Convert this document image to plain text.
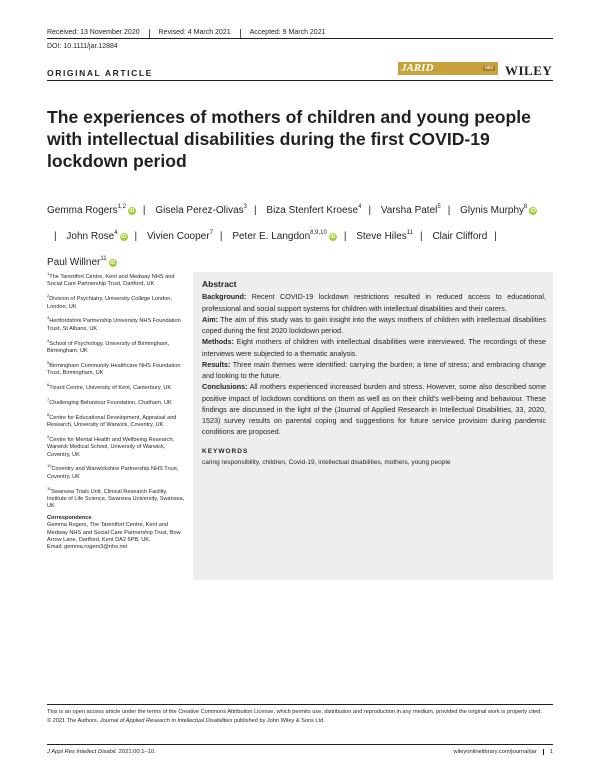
Received: 13 November 2020	Revised: 4 March 2021	Accepted: 9 March 2021
DOI: 10.1111/jar.12884
ORIGINAL ARTICLE	JARID	bild WILEY
The experiences of mothers of children and young people with intellectual disabilities during the first COVID-19 lockdown period
Gemma Rogers$^{1,2}$iD | Gisela Perez-Olivas$^3$ | Biza Stenfert Kroese$^4$ | Varsha Patel$^5$ | Glynis Murphy$^6$iD| John Rose$^4$iD | Vivien Cooper$^7$ | Peter E. Langdon$^{8,9,10}$iD | Steve Hiles$^{11}$ | Clair Clifford | Paul Willner$^{11}$iD
$^1$The Tarentfort Centre, Kent and Medway NHS and Social Care Partnership Trust, Dartford, UK
$^2$Division of Psychiatry, University College London, London, UK
$^3$Hertfordshire Partnership University NHS Foundation Trust, St Albans, UK
$^4$School of Psychology, University of Birmingham, Birmingham, UK
$^5$Birmingham Community Healthcare NHS Foundation Trust, Birmingham, UK
$^6$Tizard Centre, University of Kent, Canterbury, UK
$^7$Challenging Behaviour Foundation, Chatham, UK
$^8$Centre for Educational Development, Appraisal and Research, University of Warwick, Coventry, UK
$^9$Centre for Mental Health and Wellbeing Research, Warwick Medical School, University of Warwick, Coventry, UK
$^{10}$Coventry and Warwickshire Partnership NHS Trust, Coventry, UK
$^{11}$Swansea Trials Unit, Clinical Research Facility, Institute of Life Science, Swansea University, Swansea, UK
Correspondence
Gemma Rogers, The Tarentfort Centre, Kent and Medway NHS and Social Care Partnership Trust, Bow Arrow Lane, Dartford, Kent DA2 6PB, UK.
Email: gemma.rogers3@nhs.net
Abstract

Background: Recent COVID-19 lockdown restrictions resulted in reduced access to educational, professional and social support systems for children with intellectual disabilities and their carers.

Aim: The aim of this study was to gain insight into the ways mothers of children with intellectual disabilities coped during the first 2020 lockdown period.

Methods: Eight mothers of children with intellectual disabilities were interviewed. The recordings of these interviews were subjected to a thematic analysis.

Results: Three main themes were identified: carrying the burden; a time of stress; and embracing change and looking to the future.

Conclusions: All mothers experienced increased burden and stress. However, some also described some positive impact of lockdown conditions on them as well as on their child's well-being and behaviour. These findings are discussed in the light of the (Journal of Applied Research in Intellectual Disabilities, 33, 2020, 1523) survey results on parental coping and suggestions for future service provision during pandemic conditions are proposed.

KEYWORDS
caring responsibility, children, Covid-19, intellectual disabilities, mothers, young people
This is an open access article under the terms of the Creative Commons Attribution License, which permits use, distribution and reproduction in any medium, provided the original work is properly cited.
© 2021 The Authors. Journal of Applied Research in Intellectual Disabilities published by John Wiley & Sons Ltd.
J Appl Res Intellect Disabil. 2021;00:1–10.	wileyonlinelibrary.com/journal/jar 1
